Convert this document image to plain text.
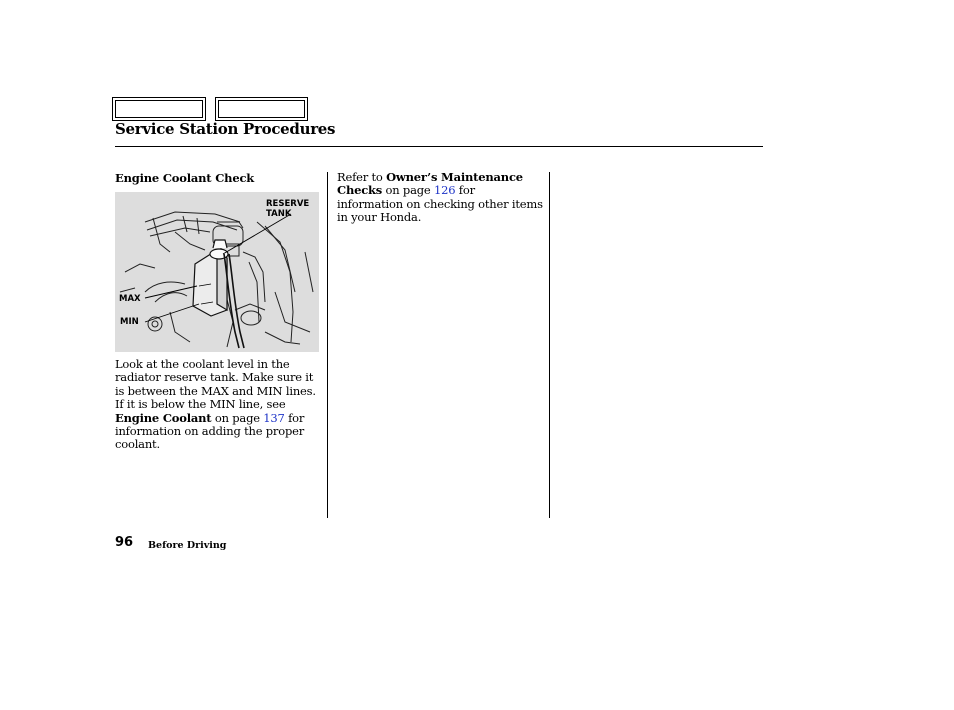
Service Station Procedures
Engine Coolant Check
RESERVE
TANK
MAX
MIN
Look at the coolant level in the radiator reserve tank. Make sure it is between the MAX and MIN lines. If it is below the MIN line, see Engine Coolant on page 137 for information on adding the proper coolant.
Refer to Owner’s Maintenance Checks on page 126 for information on checking other items in your Honda.
96 Before Driving
